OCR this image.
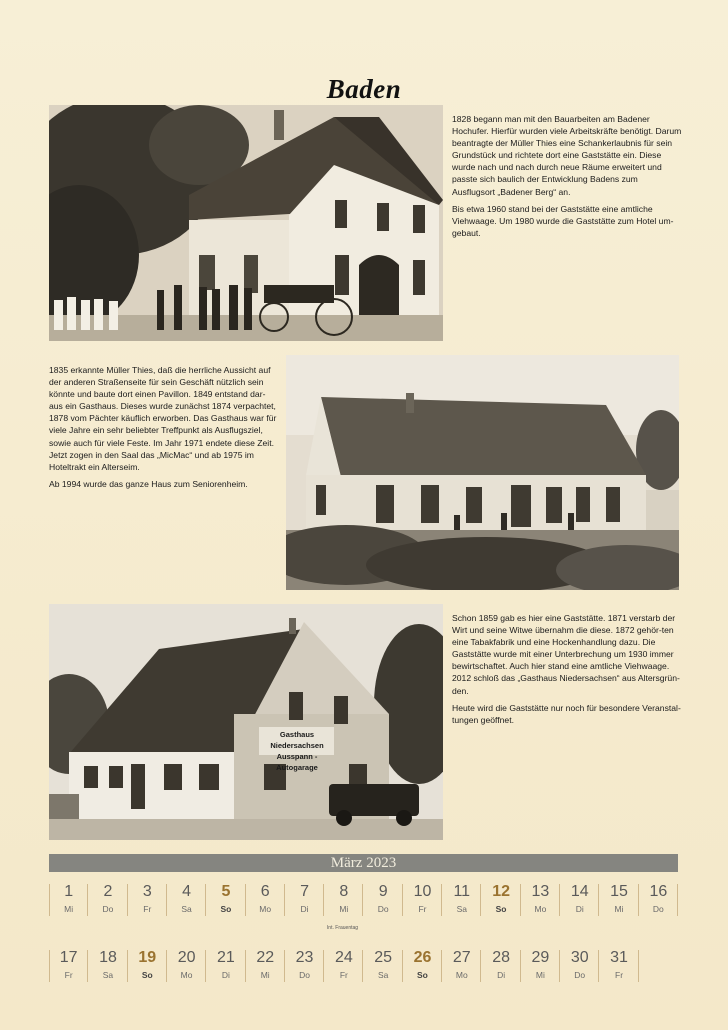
Baden

1828 begann man mit den Bauarbeiten am Badener Hochufer. Hierfür wurden viele Arbeitskräfte benötigt. Darum beantragte der Müller Thies eine Schankerlaubnis für sein Grundstück und richtete dort eine Gaststätte ein. Diese wurde nach und nach durch neue Räume erweitert und passte sich baulich der Entwicklung Badens zum Ausflugsort „Badener Berg“ an.

Bis etwa 1960 stand bei der Gaststätte eine amtliche Viehwaage. Um 1980 wurde die Gaststätte zum Hotel um-gebaut.

1835 erkannte Müller Thies, daß die herrliche Aussicht auf der anderen Straßenseite für sein Geschäft nützlich sein könnte und baute dort einen Pavillon. 1849 entstand dar-aus ein Gasthaus. Dieses wurde zunächst 1874 verpachtet, 1878 vom Pächter käuflich erworben. Das Gasthaus war für viele Jahre ein sehr beliebter Treffpunkt als Ausflugsziel, sowie auch für viele Feste. Im Jahr 1971 endete diese Zeit. Jetzt zogen in den Saal das „MicMac“ und ab 1975 im Hoteltrakt ein Alterseim.

Ab 1994 wurde das ganze Haus zum Seniorenheim.

Gasthaus Niedersachsen
Ausspann - Autogarage

Schon 1859 gab es hier eine Gaststätte. 1871 verstarb der Wirt und seine Witwe übernahm die diese. 1872 gehör-ten eine Tabakfabrik und eine Hockenhandlung dazu. Die Gaststätte wurde mit einer Unterbrechung um 1930 immer bewirtschaftet. Auch hier stand eine amtliche Viehwaage. 2012 schloß das „Gasthaus Niedersachsen“ aus Altersgrün-den.

Heute wird die Gaststätte nur noch für besondere Veranstal-tungen geöffnet.

März 2023
1
Mi
2
Do
3
Fr
4
Sa
5
So
6
Mo
7
Di
8
Mi
9
Do
10
Fr
11
Sa
12
So
13
Mo
14
Di
15
Mi
16
Do
Int. Frauentag
17
Fr
18
Sa
19
So
20
Mo
21
Di
22
Mi
23
Do
24
Fr
25
Sa
26
So
27
Mo
28
Di
29
Mi
30
Do
31
Fr
